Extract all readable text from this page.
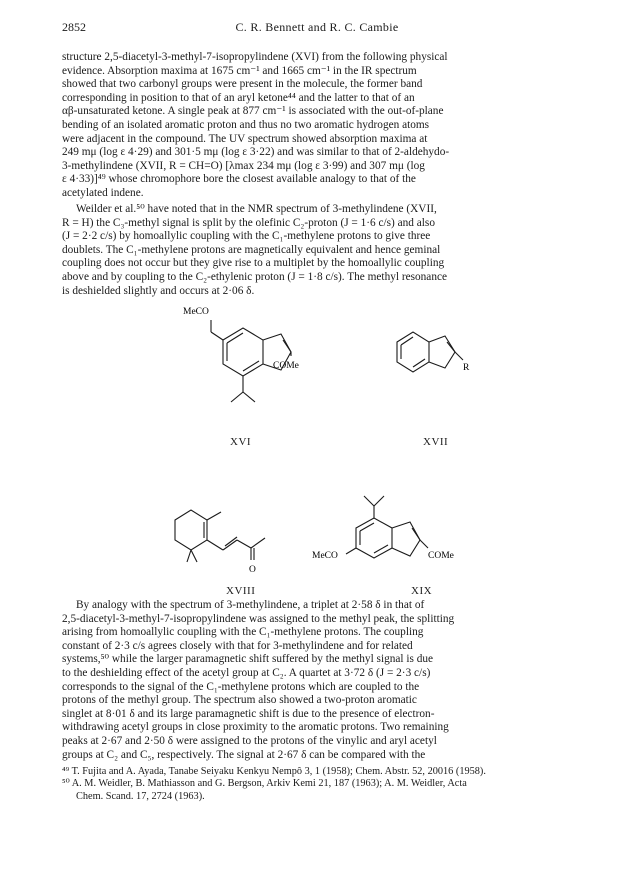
2852	C. R. Bennett and R. C. Cambie

structure 2,5-diacetyl-3-methyl-7-isopropylindene (XVI) from the following physical

evidence. Absorption maxima at 1675 cm⁻¹ and 1665 cm⁻¹ in the IR spectrum

showed that two carbonyl groups were present in the molecule, the former band

corresponding in position to that of an aryl ketone⁴⁴ and the latter to that of an

αβ-unsaturated ketone. A single peak at 877 cm⁻¹ is associated with the out-of-plane

bending of an isolated aromatic proton and thus no two aromatic hydrogen atoms

were adjacent in the compound. The UV spectrum showed absorption maxima at

249 mμ (log ε 4·29) and 301·5 mμ (log ε 3·22) and was similar to that of 2-aldehydo-

3-methylindene (XVII, R = CH=O) [λmax 234 mμ (log ε 3·99) and 307 mμ (log

ε 4·33)]⁴⁹ whose chromophore bore the closest available analogy to that of the

acetylated indene.

Weilder et al.⁵⁰ have noted that in the NMR spectrum of 3-methylindene (XVII,

R = H) the C₃-methyl signal is split by the olefinic C₂-proton (J = 1·6 c/s) and also

(J = 2·2 c/s) by homoallylic coupling with the C₁-methylene protons to give three

doublets. The C₁-methylene protons are magnetically equivalent and hence geminal

coupling does not occur but they give rise to a multiplet by the homoallylic coupling

above and by coupling to the C₂-ethylenic proton (J = 1·8 c/s). The methyl resonance

is deshielded slightly and occurs at 2·06 δ.

MeCO
COMe	R
XVI	XVII
O
MeCO	COMe
XVIII	XIX

By analogy with the spectrum of 3-methylindene, a triplet at 2·58 δ in that of

2,5-diacetyl-3-methyl-7-isopropylindene was assigned to the methyl peak, the splitting

arising from homoallylic coupling with the C₁-methylene protons. The coupling

constant of 2·3 c/s agrees closely with that for 3-methylindene and for related

systems,⁵⁰ while the larger paramagnetic shift suffered by the methyl signal is due

to the deshielding effect of the acetyl group at C₂. A quartet at 3·72 δ (J = 2·3 c/s)

corresponds to the signal of the C₁-methylene protons which are coupled to the

protons of the methyl group. The spectrum also showed a two-proton aromatic

singlet at 8·01 δ and its large paramagnetic shift is due to the presence of electron-

withdrawing acetyl groups in close proximity to the aromatic protons. Two remaining

peaks at 2·67 and 2·50 δ were assigned to the protons of the vinylic and aryl acetyl

groups at C₂ and C₅, respectively. The signal at 2·67 δ can be compared with the

⁴⁹ T. Fujita and A. Ayada, Tanabe Seiyaku Kenkyu Nempô 3, 1 (1958); Chem. Abstr. 52, 20016 (1958).

⁵⁰ A. M. Weidler, B. Mathiasson and G. Bergson, Arkiv Kemi 21, 187 (1963); A. M. Weidler, Acta

Chem. Scand. 17, 2724 (1963).
